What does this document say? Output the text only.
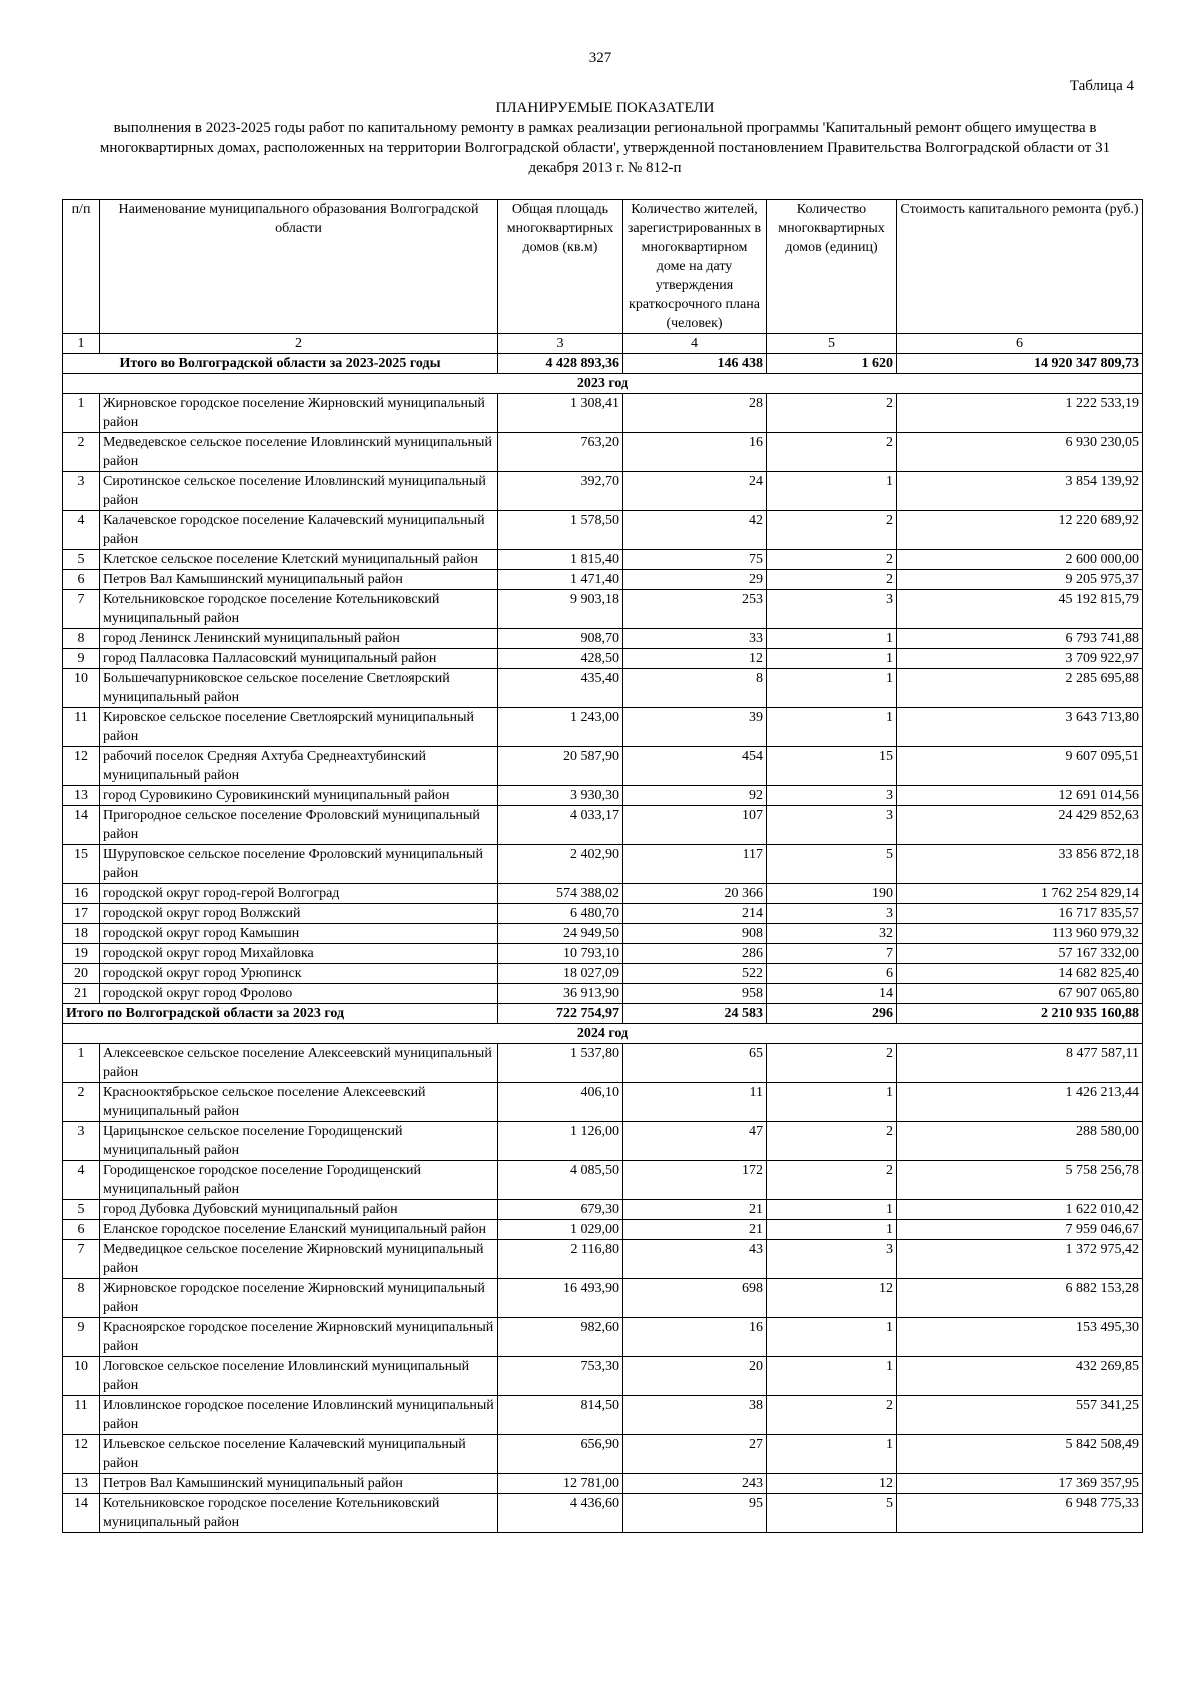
327
Таблица 4
ПЛАНИРУЕМЫЕ ПОКАЗАТЕЛИ
выполнения в 2023-2025 годы работ по капитальному ремонту в рамках реализации региональной программы 'Капитальный ремонт общего имущества в многоквартирных домах, расположенных на территории Волгоградской области', утвержденной постановлением Правительства Волгоградской области от 31 декабря 2013 г. № 812-п
п/п	Наименование муниципального образования Волгоградской области	Общая площадь многоквартирных домов (кв.м)	Количество жителей, зарегистрированных в многоквартирном доме на дату утверждения краткосрочного плана (человек)	Количество многоквартирных домов (единиц)	Стоимость капитального ремонта (руб.)
1	2	3	4	5	6
Итого во Волгоградской области за 2023-2025 годы		4 428 893,36	146 438	1 620	14 920 347 809,73
2023 год					
1	Жирновское городское поселение Жирновский муниципальный район	1 308,41	28	2	1 222 533,19
2	Медведевское сельское поселение Иловлинский муниципальный район	763,20	16	2	6 930 230,05
3	Сиротинское сельское поселение Иловлинский муниципальный район	392,70	24	1	3 854 139,92
4	Калачевское городское поселение Калачевский муниципальный район	1 578,50	42	2	12 220 689,92
5	Клетское сельское поселение Клетский муниципальный район	1 815,40	75	2	2 600 000,00
6	Петров Вал Камышинский муниципальный район	1 471,40	29	2	9 205 975,37
7	Котельниковское городское поселение Котельниковский муниципальный район	9 903,18	253	3	45 192 815,79
8	город Ленинск Ленинский муниципальный район	908,70	33	1	6 793 741,88
9	город Палласовка Палласовский муниципальный район	428,50	12	1	3 709 922,97
10	Большечапурниковское сельское поселение Светлоярский муниципальный район	435,40	8	1	2 285 695,88
11	Кировское сельское поселение Светлоярский муниципальный район	1 243,00	39	1	3 643 713,80
12	рабочий поселок Средняя Ахтуба Среднеахтубинский муниципальный район	20 587,90	454	15	9 607 095,51
13	город Суровикино Суровикинский муниципальный район	3 930,30	92	3	12 691 014,56
14	Пригородное сельское поселение Фроловский муниципальный район	4 033,17	107	3	24 429 852,63
15	Шуруповское сельское поселение Фроловский муниципальный район	2 402,90	117	5	33 856 872,18
16	городской округ город-герой Волгоград	574 388,02	20 366	190	1 762 254 829,14
17	городской округ город Волжский	6 480,70	214	3	16 717 835,57
18	городской округ город Камышин	24 949,50	908	32	113 960 979,32
19	городской округ город Михайловка	10 793,10	286	7	57 167 332,00
20	городской округ город Урюпинск	18 027,09	522	6	14 682 825,40
21	городской округ город Фролово	36 913,90	958	14	67 907 065,80
Итого по Волгоградской области за 2023 год		722 754,97	24 583	296	2 210 935 160,88
2024 год					
1	Алексеевское сельское поселение Алексеевский муниципальный район	1 537,80	65	2	8 477 587,11
2	Краснооктябрьское сельское поселение Алексеевский муниципальный район	406,10	11	1	1 426 213,44
3	Царицынское сельское поселение Городищенский муниципальный район	1 126,00	47	2	288 580,00
4	Городищенское городское поселение Городищенский муниципальный район	4 085,50	172	2	5 758 256,78
5	город Дубовка Дубовский муниципальный район	679,30	21	1	1 622 010,42
6	Еланское городское поселение Еланский муниципальный район	1 029,00	21	1	7 959 046,67
7	Медведицкое сельское поселение Жирновский муниципальный район	2 116,80	43	3	1 372 975,42
8	Жирновское городское поселение Жирновский муниципальный район	16 493,90	698	12	6 882 153,28
9	Красноярское городское поселение Жирновский муниципальный район	982,60	16	1	153 495,30
10	Логовское сельское поселение Иловлинский муниципальный район	753,30	20	1	432 269,85
11	Иловлинское городское поселение Иловлинский муниципальный район	814,50	38	2	557 341,25
12	Ильевское сельское поселение Калачевский муниципальный район	656,90	27	1	5 842 508,49
13	Петров Вал Камышинский муниципальный район	12 781,00	243	12	17 369 357,95
14	Котельниковское городское поселение Котельниковский муниципальный район	4 436,60	95	5	6 948 775,33
